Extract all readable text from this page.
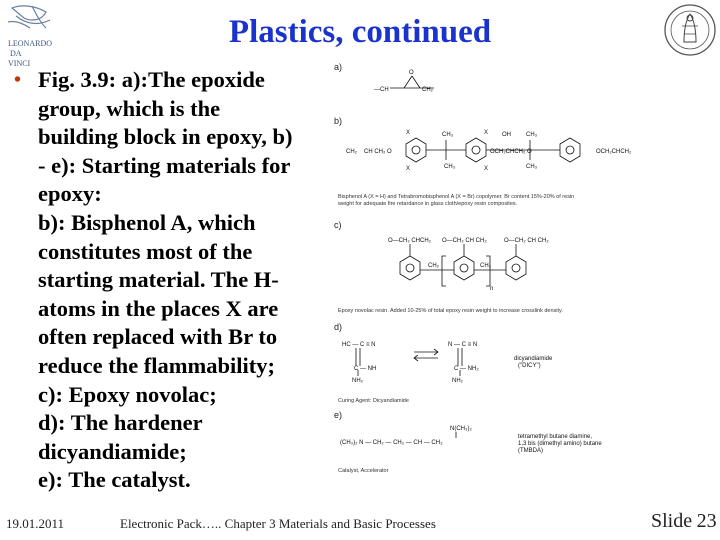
LEONARDO
DA
VINCI
Plastics, continued
• Fig. 3.9: a):The epoxide
group, which is the
building block in epoxy, b)
- e): Starting materials for
epoxy:
b): Bisphenol A, which
constitutes most of the
starting material. The H-
atoms in the places X are
often replaced with Br to
reduce the flammability;
c): Epoxy novolac;
d): The hardener
dicyandiamide;
e): The catalyst.
a)
O
—CH	CH₂
b)
CH₂ CH CH₂ O
CH₃
CH₃
OCH₂CHCH₂ O
OH	CH₃
CH₃
OCH₂CHCH₂
X	X
X	X
Bisphenol A (X = H) and Tetrabromobisphenol A (X = Br) copolymer. Br content 15%-20% of resin
weight for adequate fire retardance in glass cloth/epoxy resin composites.
c)
O—CH₂ CHCH₂ O—CH₂ CH CH₂	O—CH₂ CH CH₂
CH₂	CH₂
n
Epoxy novolac resin. Added 10-25% of total epoxy resin weight to increase crosslink density.
d)
HC — C ≡ N	N — C ≡ N
C — NH	C — NH₂
NH₂	NH₂
dicyandiamide
("DICY")
Curing Agent: Dicyandiamide
e)
N(CH₃)₂
(CH₃)₂ N — CH₂ — CH₂ — CH — CH₃
tetramethyl butane diamine,
1,3 bis (dimethyl amino) butane
(TMBDA)
Catalyst, Accelerator
19.01.2011	Electronic Pack….. Chapter 3 Materials and Basic Processes	Slide 23
